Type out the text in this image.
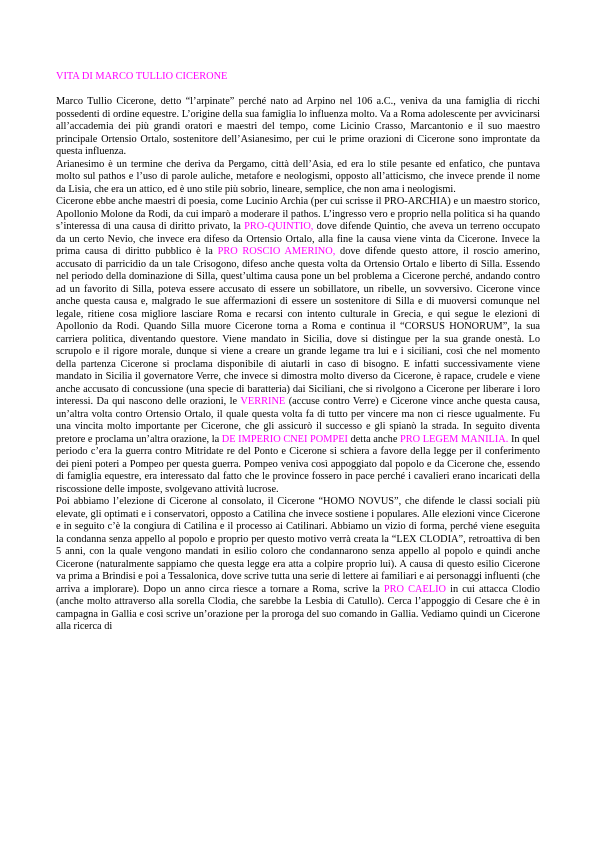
VITA DI MARCO TULLIO CICERONE

Marco Tullio Cicerone, detto “l’arpinate” perché nato ad Arpino nel 106 a.C., veniva da una famiglia di ricchi possedenti di ordine equestre. L’origine della sua famiglia lo influenza molto. Va a Roma adolescente per avvicinarsi all’accademia dei più grandi oratori e maestri del tempo, come Licinio Crasso, Marcantonio e il suo maestro principale Ortensio Ortalo, sostenitore dell’Asianesimo, per cui le prime orazioni di Cicerone sono improntate da questa influenza.

Arianesimo è un termine che deriva da Pergamo, città dell’Asia, ed era lo stile pesante ed enfatico, che puntava molto sul pathos e l’uso di parole auliche, metafore e neologismi, opposto all’atticismo, che invece prende il nome da Lisia, che era un attico, ed è uno stile più sobrio, lineare, semplice, che non ama i neologismi.

Cicerone ebbe anche maestri di poesia, come Lucinio Archia (per cui scrisse il PRO-ARCHIA) e un maestro storico, Apollonio Molone da Rodi, da cui imparò a moderare il pathos. L’ingresso vero e proprio nella politica si ha quando s’interessa di una causa di diritto privato, la PRO-QUINTIO, dove difende Quintio, che aveva un terreno occupato da un certo Nevio, che invece era difeso da Ortensio Ortalo, alla fine la causa viene vinta da Cicerone. Invece la prima causa di diritto pubblico è la PRO ROSCIO AMERINO, dove difende questo attore, il roscio amerino, accusato di parricidio da un tale Crisogono, difeso anche questa volta da Ortensio Ortalo e liberto di Silla. Essendo nel periodo della dominazione di Silla, quest’ultima causa pone un bel problema a Cicerone perché, andando contro ad un favorito di Silla, poteva essere accusato di essere un sobillatore, un ribelle, un sovversivo. Cicerone vince anche questa causa e, malgrado le sue affermazioni di essere un sostenitore di Silla e di muoversi comunque nel legale, ritiene cosa migliore lasciare Roma e recarsi con intento culturale in Grecia, e qui segue le elezioni di Apollonio da Rodi. Quando Silla muore Cicerone torna a Roma e continua il “CORSUS HONORUM”, la sua carriera politica, diventando questore. Viene mandato in Sicilia, dove si distingue per la sua grande onestà. Lo scrupolo e il rigore morale, dunque si viene a creare un grande legame tra lui e i siciliani, così che nel momento della partenza Cicerone si proclama disponibile di aiutarli in caso di bisogno. E infatti successivamente viene mandato in Sicilia il governatore Verre, che invece si dimostra molto diverso da Cicerone, è rapace, crudele e viene anche accusato di concussione (una specie di baratteria) dai Siciliani, che si rivolgono a Cicerone per liberare i loro interessi. Da qui nascono delle orazioni, le VERRINE (accuse contro Verre) e Cicerone vince anche questa causa, un’altra volta contro Ortensio Ortalo, il quale questa volta fa di tutto per vincere ma non ci riesce ugualmente. Fu una vincita molto importante per Cicerone, che gli assicurò il successo e gli spianò la strada. In seguito diventa pretore e proclama un’altra orazione, la DE IMPERIO CNEI POMPEI detta anche PRO LEGEM MANILIA. In quel periodo c’era la guerra contro Mitridate re del Ponto e Cicerone si schiera a favore della legge per il conferimento dei pieni poteri a Pompeo per questa guerra. Pompeo veniva così appoggiato dal popolo e da Cicerone che, essendo di famiglia equestre, era interessato dal fatto che le province fossero in pace perché i cavalieri erano incaricati della riscossione delle imposte, svolgevano attività lucrose.

Poi abbiamo l’elezione di Cicerone al consolato, il Cicerone “HOMO NOVUS”, che difende le classi sociali più elevate, gli optimati e i conservatori, opposto a Catilina che invece sostiene i populares. Alle elezioni vince Cicerone e in seguito c’è la congiura di Catilina e il processo ai Catilinari. Abbiamo un vizio di forma, perché viene eseguita la condanna senza appello al popolo e proprio per questo motivo verrà creata la “LEX CLODIA”, retroattiva di ben 5 anni, con la quale vengono mandati in esilio coloro che condannarono senza appello al popolo e quindi anche Cicerone (naturalmente sappiamo che questa legge era atta a colpire proprio lui). A causa di questo esilio Cicerone va prima a Brindisi e poi a Tessalonica, dove scrive tutta una serie di lettere ai familiari e ai personaggi influenti (che arriva a implorare). Dopo un anno circa riesce a tornare a Roma, scrive la PRO CAELIO in cui attacca Clodio (anche molto attraverso alla sorella Clodia, che sarebbe la Lesbia di Catullo). Cerca l’appoggio di Cesare che è in campagna in Gallia e così scrive un’orazione per la proroga del suo comando in Gallia. Vediamo quindi un Cicerone alla ricerca di
